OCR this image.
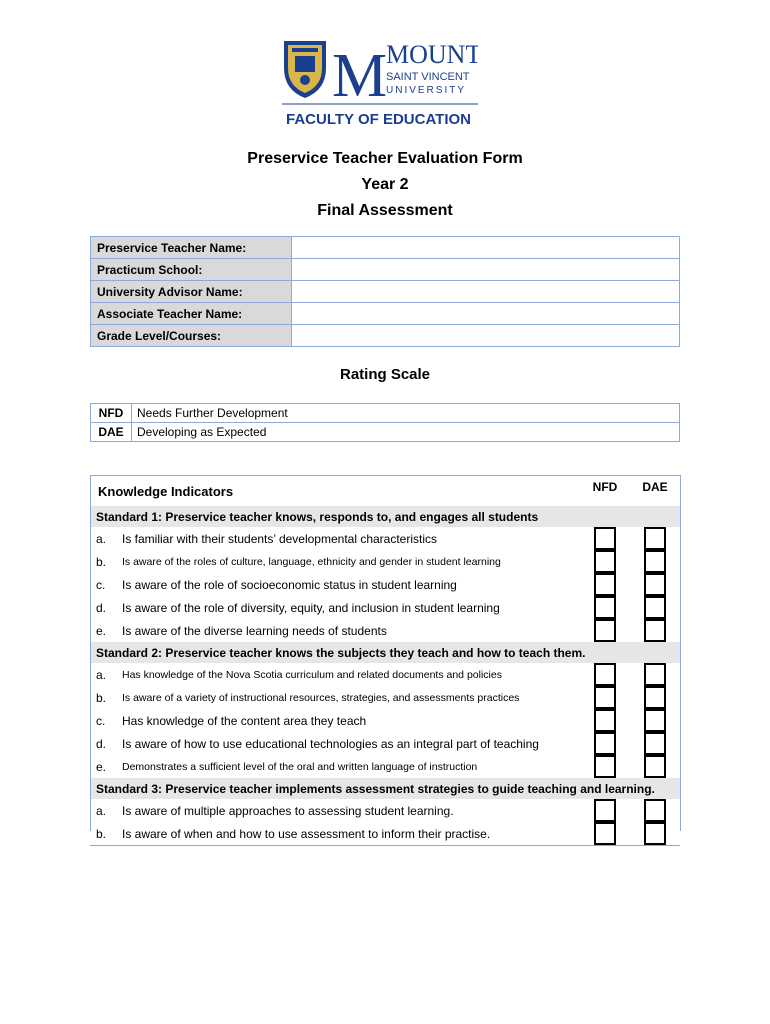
M
MOUNT
SAINT VINCENT
UNIVERSITY
FACULTY OF EDUCATION
Preservice Teacher Evaluation Form
Year 2
Final Assessment
Preservice Teacher Name:	
Practicum School:	
University Advisor Name:	
Associate Teacher Name:	
Grade Level/Courses:	
Rating Scale
NFD	Needs Further Development
DAE	Developing as Expected
Knowledge Indicators		NFD	DAE
Standard 1: Preservice teacher knows, responds to, and engages all students			
a.	Is familiar with their students’ developmental characteristics		
b.	Is aware of the roles of culture, language, ethnicity and gender in student learning		
c.	Is aware of the role of socioeconomic status in student learning		
d.	Is aware of the role of diversity, equity, and inclusion in student learning		
e.	Is aware of the diverse learning needs of students		
Standard 2: Preservice teacher knows the subjects they teach and how to teach them.			
a.	Has knowledge of the Nova Scotia curriculum and related documents and policies		
b.	Is aware of a variety of instructional resources, strategies, and assessments practices		
c.	Has knowledge of the content area they teach		
d.	Is aware of how to use educational technologies as an integral part of teaching		
e.	Demonstrates a sufficient level of the oral and written language of instruction		
Standard 3: Preservice teacher implements assessment strategies to guide teaching and learning.			
a.	Is aware of multiple approaches to assessing student learning.		
b.	Is aware of when and how to use assessment to inform their practise.		
